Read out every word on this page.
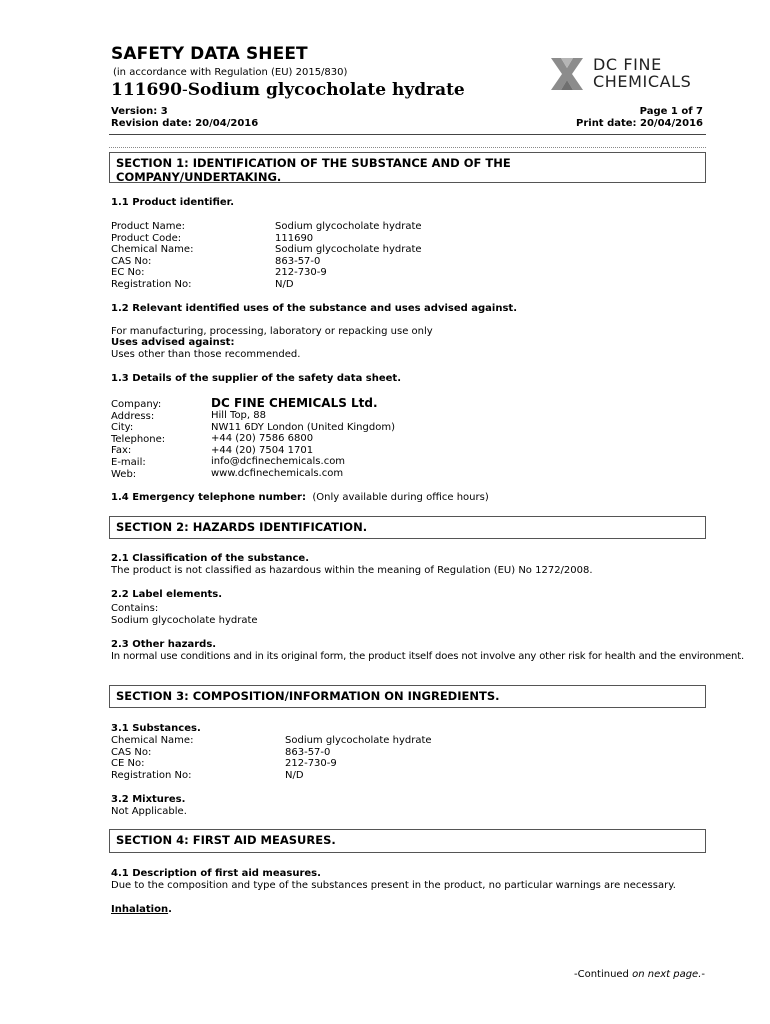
SAFETY DATA SHEET
(in accordance with Regulation (EU) 2015/830)
111690-Sodium glycocholate hydrate
Version: 3
Revision date: 20/04/2016
Page 1 of 7
Print date: 20/04/2016
DC FINE
CHEMICALS
SECTION 1: IDENTIFICATION OF THE SUBSTANCE AND OF THE
COMPANY/UNDERTAKING.
1.1 Product identifier.
Product Name:
Product Code:
Chemical Name:
CAS No:
EC No:
Registration No:
Sodium glycocholate hydrate
111690
Sodium glycocholate hydrate
863-57-0
212-730-9
N/D
1.2 Relevant identified uses of the substance and uses advised against.
For manufacturing, processing, laboratory or repacking use only
Uses advised against:
Uses other than those recommended.
1.3 Details of the supplier of the safety data sheet.
Company:
Address:
City:
Telephone:
Fax:
E-mail:
Web:
DC FINE CHEMICALS Ltd.
Hill Top, 88
NW11 6DY London (United Kingdom)
+44 (20) 7586 6800
+44 (20) 7504 1701
info@dcfinechemicals.com
www.dcfinechemicals.com
1.4 Emergency telephone number: (Only available during office hours)
SECTION 2: HAZARDS IDENTIFICATION.
2.1 Classification of the substance.
The product is not classified as hazardous within the meaning of Regulation (EU) No 1272/2008.
2.2 Label elements.
Contains:
Sodium glycocholate hydrate
2.3 Other hazards.
In normal use conditions and in its original form, the product itself does not involve any other risk for health and the environment.
SECTION 3: COMPOSITION/INFORMATION ON INGREDIENTS.
3.1 Substances.
Chemical Name:
CAS No:
CE No:
Registration No:
Sodium glycocholate hydrate
863-57-0
212-730-9
N/D
3.2 Mixtures.
Not Applicable.
SECTION 4: FIRST AID MEASURES.
4.1 Description of first aid measures.
Due to the composition and type of the substances present in the product, no particular warnings are necessary.
Inhalation.
-Continued on next page.-
